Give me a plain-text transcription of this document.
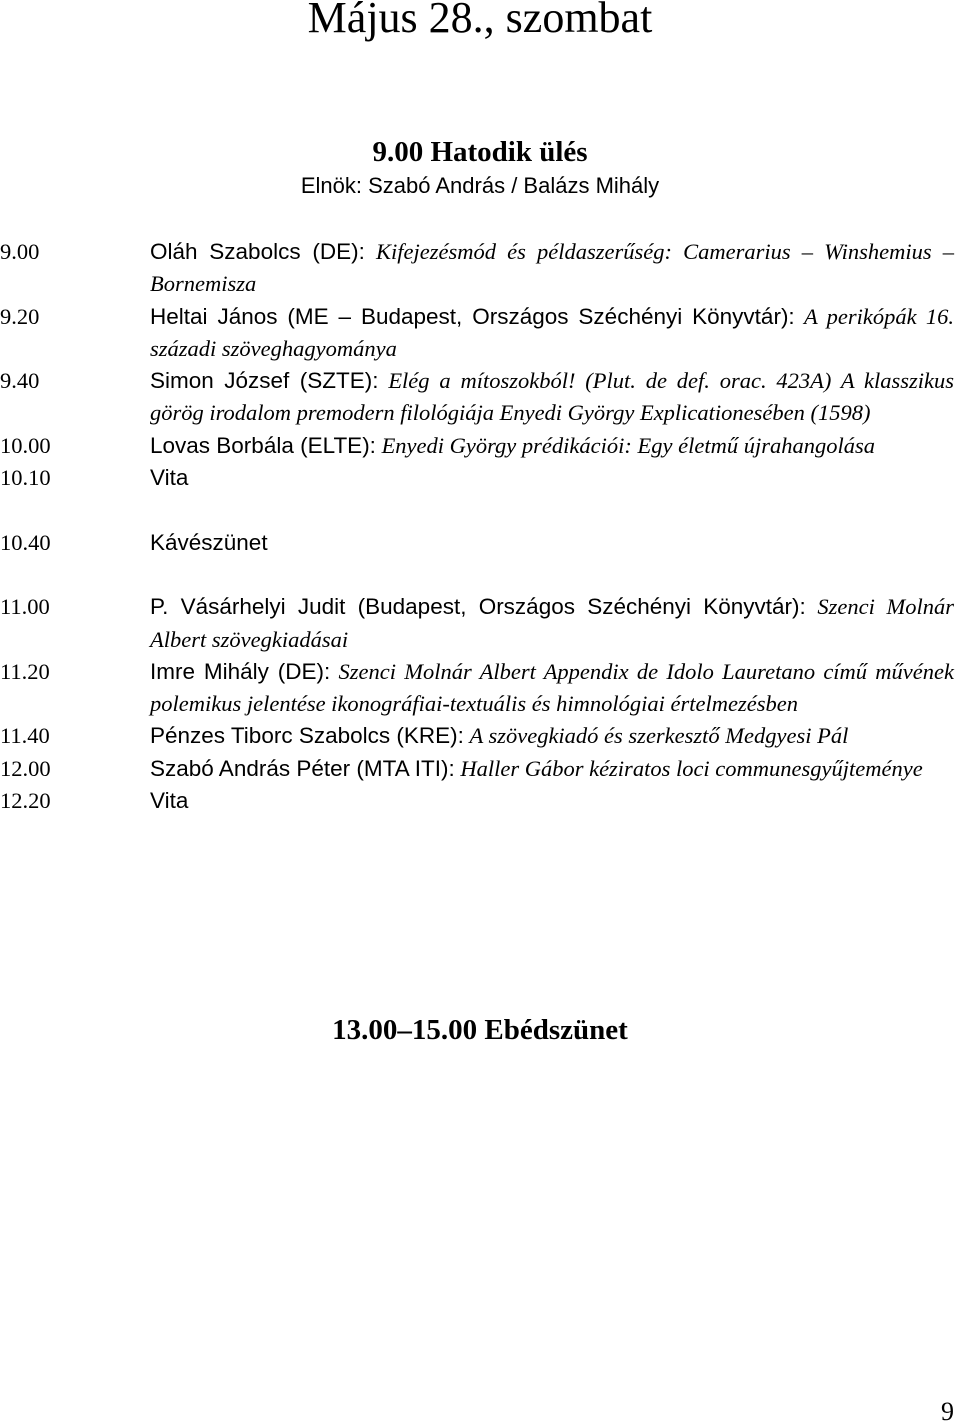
Május 28., szombat
9.00 Hatodik ülés
Elnök: Szabó András / Balázs Mihály
9.00	Oláh Szabolcs (DE): Kifejezésmód és példaszerűség: Camerarius – Winshemius – Bornemisza
9.20	Heltai János (ME – Budapest, Országos Széchényi Könyvtár): A perikópák 16. századi szöveghagyománya
9.40	Simon József (SZTE): Elég a mítoszokból! (Plut. de def. orac. 423A) A klasszikus görög irodalom premodern filológiája Enyedi György Explicationesében (1598)
10.00	Lovas Borbála (ELTE): Enyedi György prédikációi: Egy életmű újrahangolása
10.10	Vita
10.40	Kávészünet
11.00	P. Vásárhelyi Judit (Budapest, Országos Széchényi Könyvtár): Szenci Molnár Albert szövegkiadásai
11.20	Imre Mihály (DE): Szenci Molnár Albert Appendix de Idolo Lauretano című művének polemikus jelentése ikonográfiai-textuális és himnológiai értelmezésben
11.40	Pénzes Tiborc Szabolcs (KRE): A szövegkiadó és szerkesztő Medgyesi Pál
12.00	Szabó András Péter (MTA ITI): Haller Gábor kéziratos loci communesgyűjteménye
12.20	Vita
13.00–15.00 Ebédszünet
9
